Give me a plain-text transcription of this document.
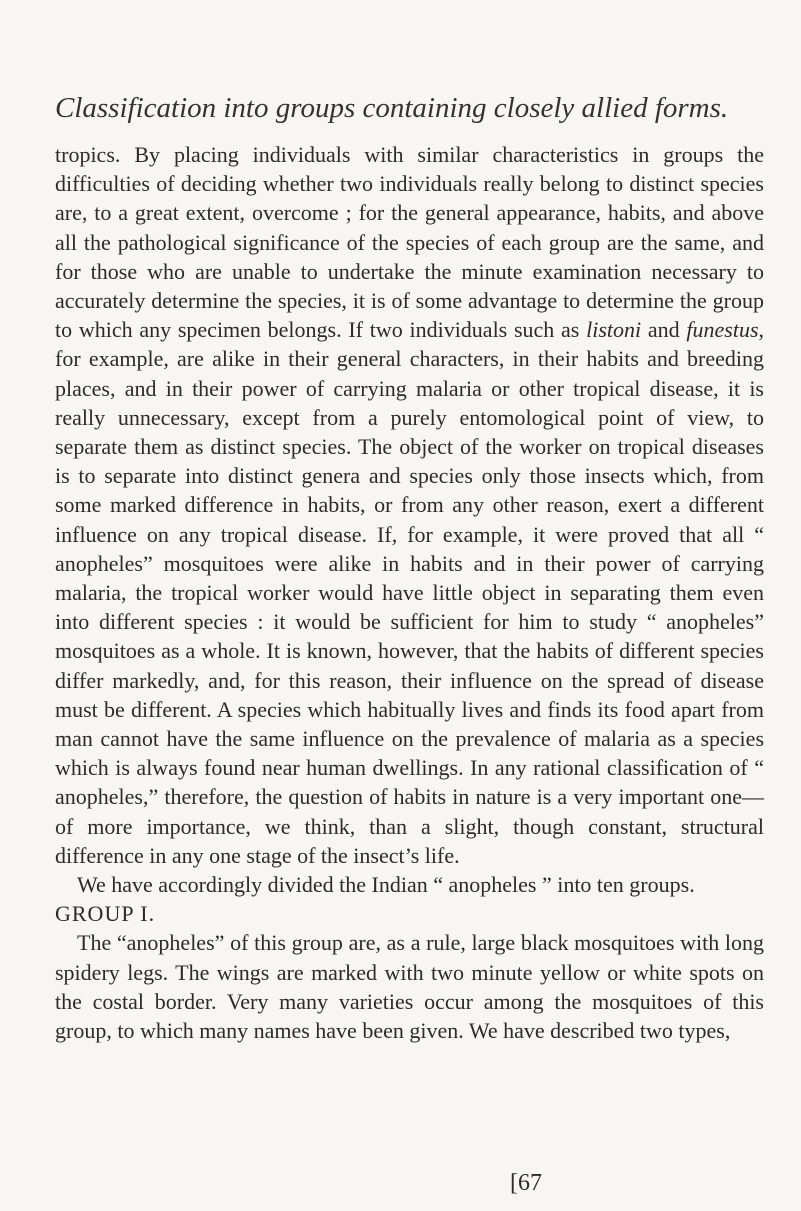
Classification into groups containing closely allied forms.

tropics. By placing individuals with similar characteristics in groups the difficulties of deciding whether two individuals really belong to distinct species are, to a great extent, overcome ; for the general appearance, habits, and above all the pathological significance of the species of each group are the same, and for those who are unable to undertake the minute examination necessary to accurately determine the species, it is of some advantage to determine the group to which any specimen belongs. If two individuals such as listoni and funestus, for example, are alike in their general characters, in their habits and breeding places, and in their power of carrying malaria or other tropical disease, it is really unnecessary, except from a purely entomological point of view, to separate them as distinct species. The object of the worker on tropical diseases is to separate into distinct genera and species only those insects which, from some marked difference in habits, or from any other reason, exert a different influence on any tropical disease. If, for example, it were proved that all “ anopheles” mosquitoes were alike in habits and in their power of carrying malaria, the tropical worker would have little object in separating them even into different species : it would be sufficient for him to study “ anopheles” mosquitoes as a whole. It is known, however, that the habits of different species differ markedly, and, for this reason, their influence on the spread of disease must be different. A species which habitually lives and finds its food apart from man cannot have the same influence on the prevalence of malaria as a species which is always found near human dwellings. In any rational classification of “ anopheles,” therefore, the question of habits in nature is a very important one—of more importance, we think, than a slight, though constant, structural difference in any one stage of the insect’s life.

We have accordingly divided the Indian “ anopheles ” into ten groups.

GROUP I.

The “anopheles” of this group are, as a rule, large black mosquitoes with long spidery legs. The wings are marked with two minute yellow or white spots on the costal border. Very many varieties occur among the mosquitoes of this group, to which many names have been given. We have described two types,

[67
